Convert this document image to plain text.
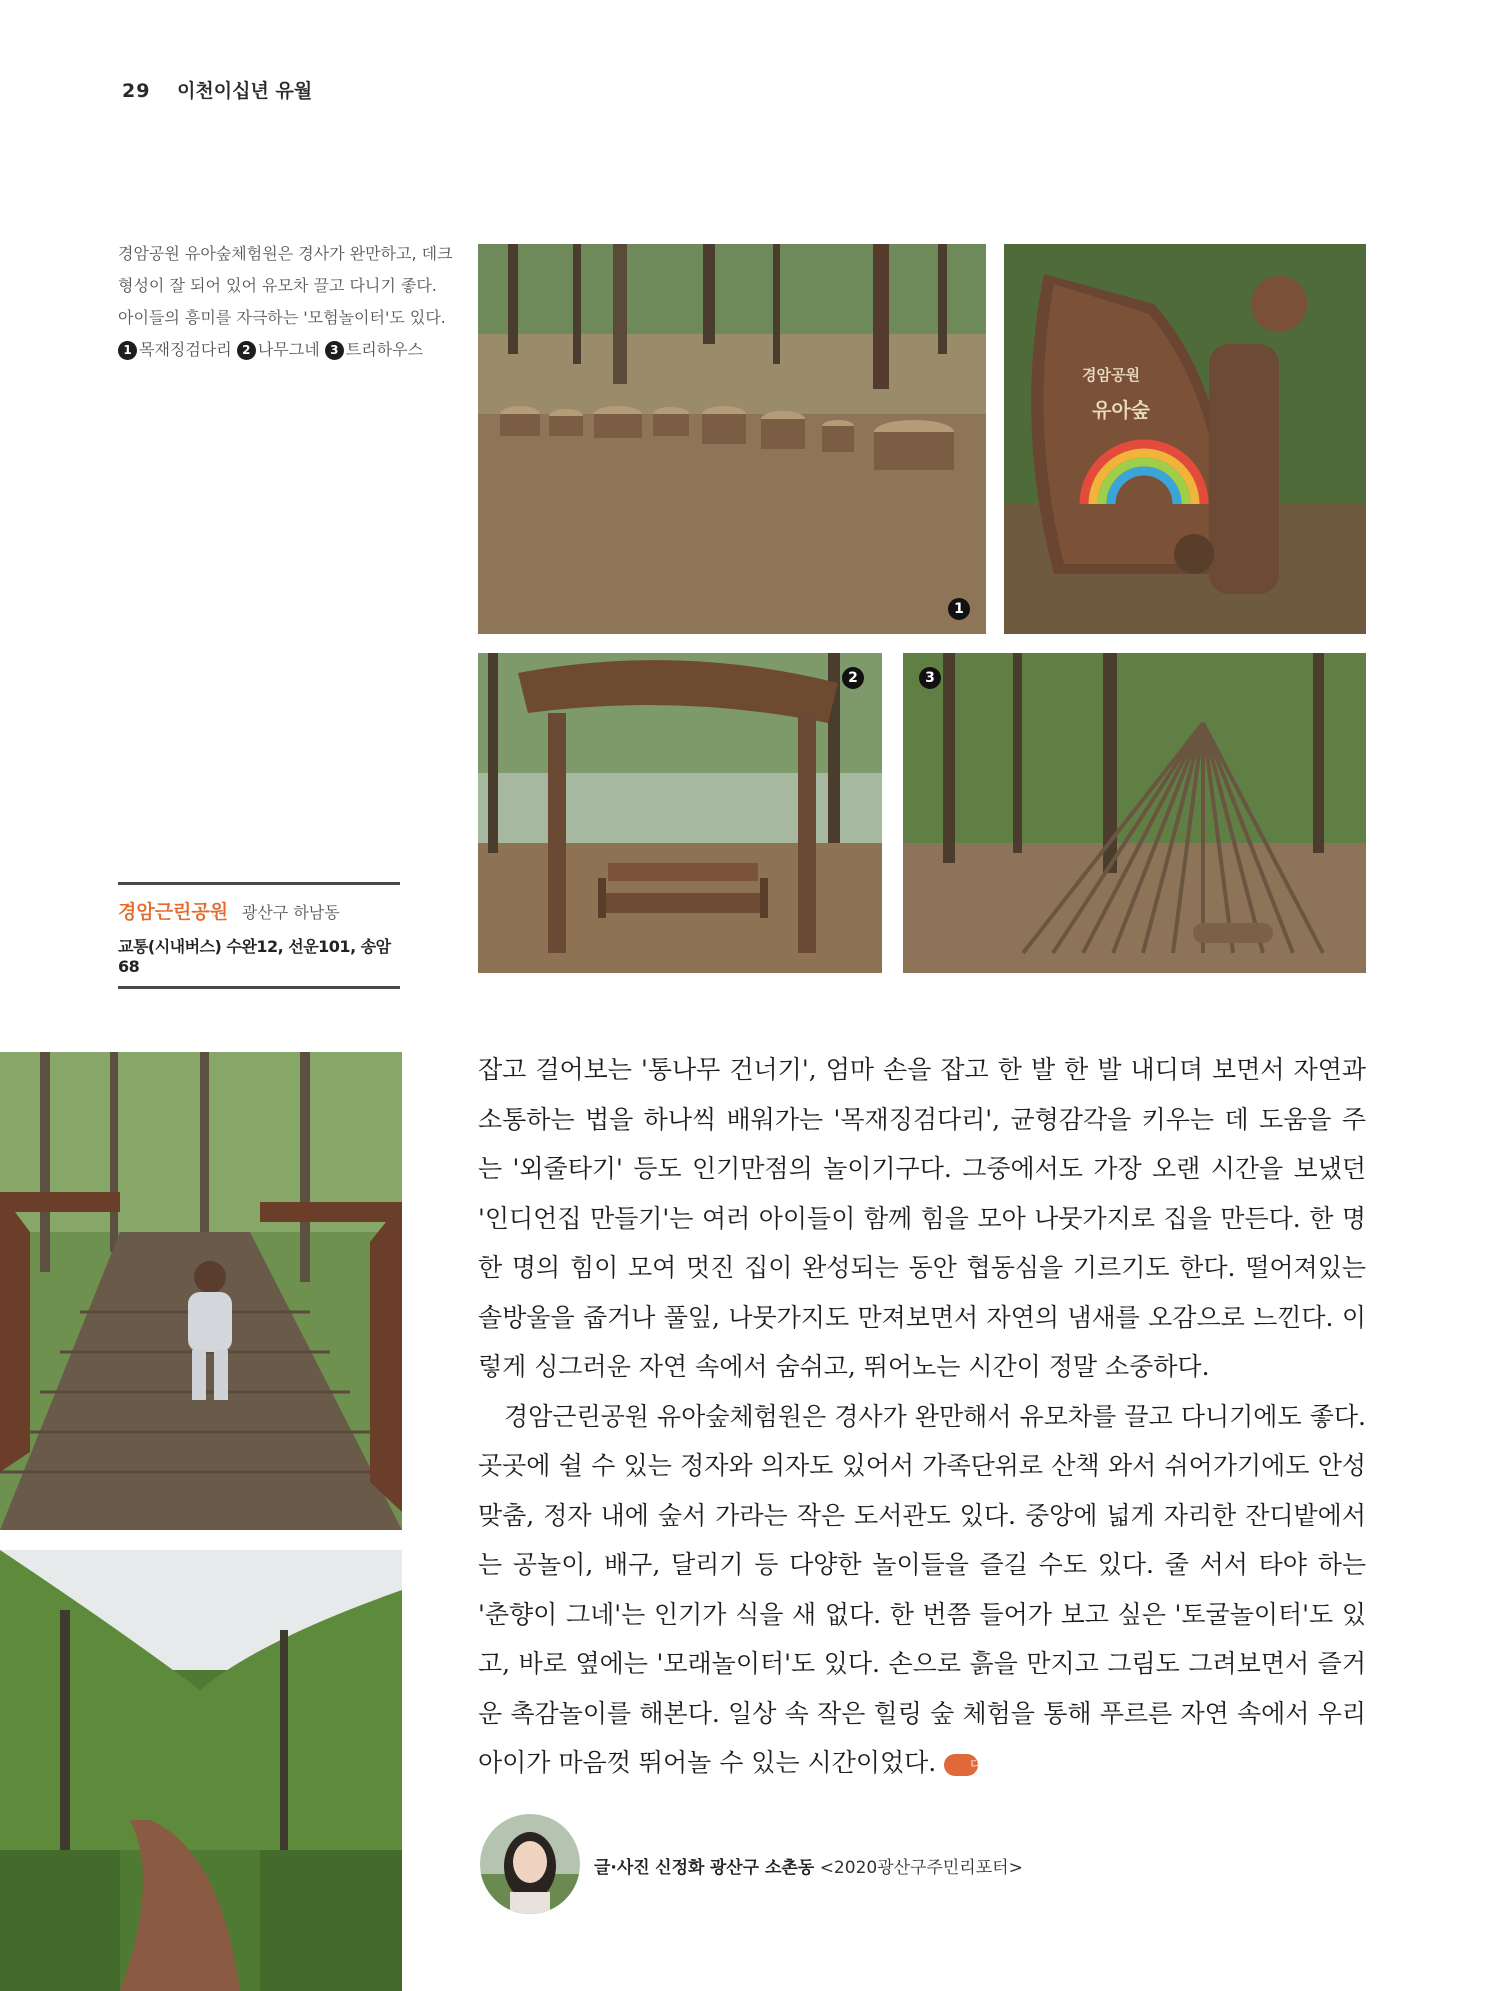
29 이천이십년 유월
경암공원 유아숲체험원은 경사가 완만하고, 데크 형성이 잘 되어 있어 유모차 끌고 다니기 좋다. 아이들의 흥미를 자극하는 '모험놀이터'도 있다. 1 목재징검다리 2 나무그네 3 트리하우스
경암근린공원 광산구 하남동
교통(시내버스) 수완12, 선운101, 송암68
1
경암공원
유아숲
2	3

잡고 걸어보는 '통나무 건너기', 엄마 손을 잡고 한 발 한 발 내디뎌 보면서 자연과 소통하는 법을 하나씩 배워가는 '목재징검다리', 균형감각을 키우는 데 도움을 주는 '외줄타기' 등도 인기만점의 놀이기구다. 그중에서도 가장 오랜 시간을 보냈던 '인디언집 만들기'는 여러 아이들이 함께 힘을 모아 나뭇가지로 집을 만든다. 한 명 한 명의 힘이 모여 멋진 집이 완성되는 동안 협동심을 기르기도 한다. 떨어져있는 솔방울을 줍거나 풀잎, 나뭇가지도 만져보면서 자연의 냄새를 오감으로 느낀다. 이렇게 싱그러운 자연 속에서 숨쉬고, 뛰어노는 시간이 정말 소중하다.

경암근린공원 유아숲체험원은 경사가 완만해서 유모차를 끌고 다니기에도 좋다. 곳곳에 쉴 수 있는 정자와 의자도 있어서 가족단위로 산책 와서 쉬어가기에도 안성맞춤, 정자 내에 숲서 가라는 작은 도서관도 있다. 중앙에 넓게 자리한 잔디밭에서는 공놀이, 배구, 달리기 등 다양한 놀이들을 즐길 수도 있다. 줄 서서 타야 하는 '춘향이 그네'는 인기가 식을 새 없다. 한 번쯤 들어가 보고 싶은 '토굴놀이터'도 있고, 바로 옆에는 '모래놀이터'도 있다. 손으로 흙을 만지고 그림도 그려보면서 즐거운 촉감놀이를 해본다. 일상 속 작은 힐링 숲 체험을 통해 푸르른 자연 속에서 우리아이가 마음껏 뛰어놀 수 있는 시간이었다.	다시

글·사진 신정화 광산구 소촌동 <2020광산구주민리포터>
